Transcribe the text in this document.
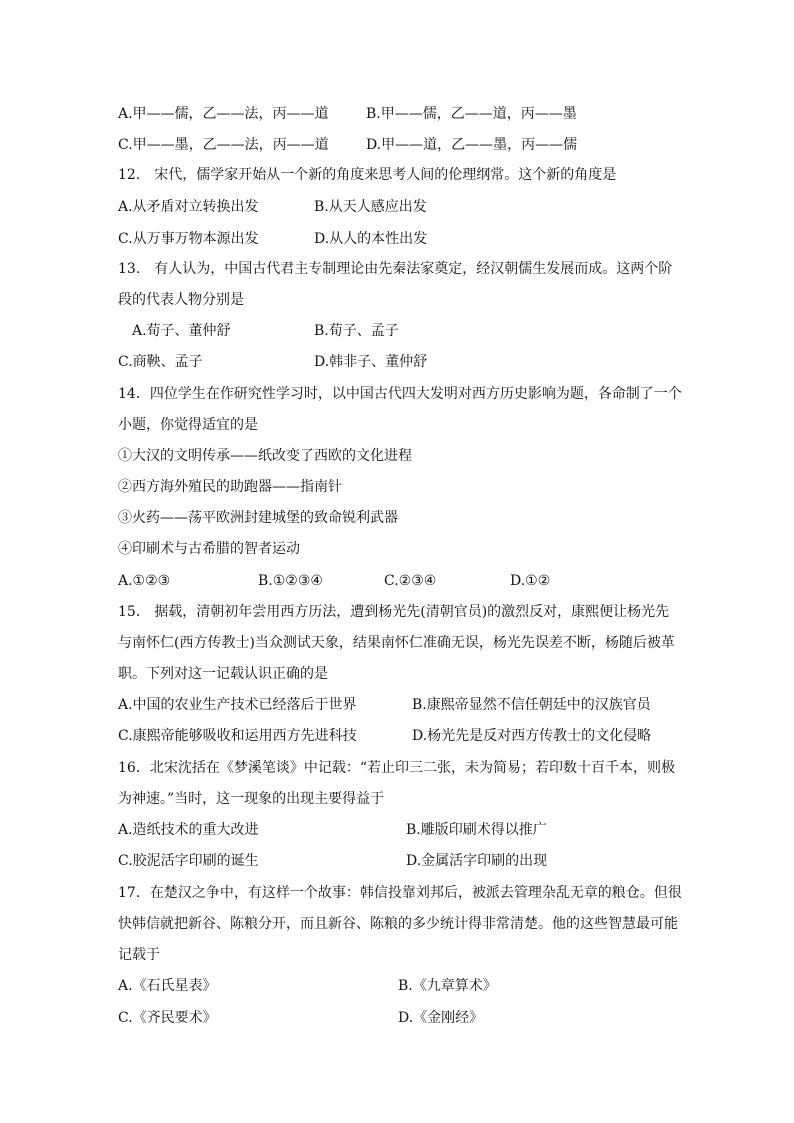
A.甲——儒，乙——法，丙——道	B.甲——儒，乙——道，丙——墨
C.甲——墨，乙——法，丙——道	D.甲——道，乙——墨，丙——儒
12.　宋代，儒学家开始从一个新的角度来思考人间的伦理纲常。这个新的角度是
A.从矛盾对立转换出发	B.从天人感应出发
C.从万事万物本源出发	D.从人的本性出发
13.　有人认为，中国古代君主专制理论由先秦法家奠定，经汉朝儒生发展而成。这两个阶
段的代表人物分别是
A.荀子、董仲舒	B.荀子、孟子
C.商鞅、孟子	D.韩非子、董仲舒
14．四位学生在作研究性学习时，以中国古代四大发明对西方历史影响为题，各命制了一个
小题，你觉得适宜的是
①大汉的文明传承——纸改变了西欧的文化进程
②西方海外殖民的助跑器——指南针
③火药——荡平欧洲封建城堡的致命锐利武器
④印刷术与古希腊的智者运动
A.①②③	B.①②③④	C.②③④	D.①②
15.　据载，清朝初年尝用西方历法，遭到杨光先(清朝官员)的激烈反对，康熙便让杨光先
与南怀仁(西方传教士)当众测试天象，结果南怀仁准确无误，杨光先误差不断，杨随后被革
职。下列对这一记载认识正确的是
A.中国的农业生产技术已经落后于世界	B.康熙帝显然不信任朝廷中的汉族官员
C.康熙帝能够吸收和运用西方先进科技	D.杨光先是反对西方传教士的文化侵略
16．北宋沈括在《梦溪笔谈》中记载：“若止印三二张，未为简易；若印数十百千本，则极
为神速。”当时，这一现象的出现主要得益于
A.造纸技术的重大改进	B.雕版印刷术得以推广
C.胶泥活字印刷的诞生	D.金属活字印刷的出现
17．在楚汉之争中，有这样一个故事：韩信投靠刘邦后，被派去管理杂乱无章的粮仓。但很
快韩信就把新谷、陈粮分开，而且新谷、陈粮的多少统计得非常清楚。他的这些智慧最可能
记载于
A.《石氏星表》	B.《九章算术》
C.《齐民要术》	D.《金刚经》
